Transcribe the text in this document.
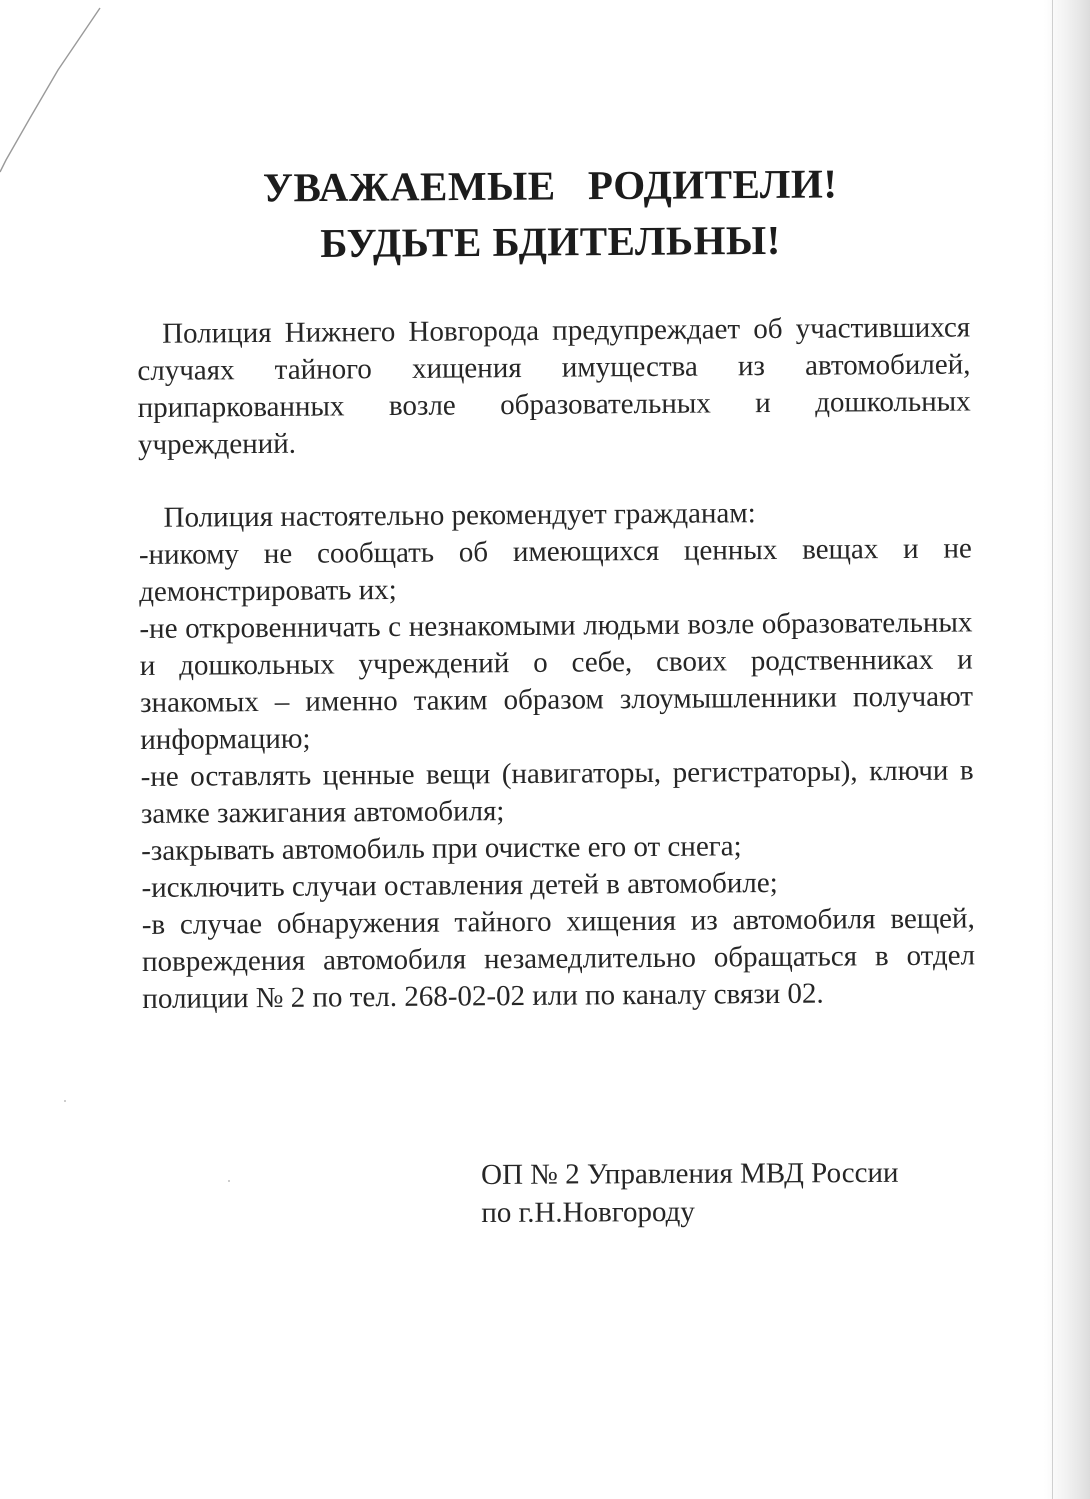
УВАЖАЕМЫЕ   РОДИТЕЛИ!
БУДЬТЕ БДИТЕЛЬНЫ!

Полиция Нижнего Новгорода предупреждает об участившихся случаях тайного хищения имущества из автомобилей, припаркованных возле образовательных и дошкольных учреждений.

Полиция настоятельно рекомендует гражданам:

-никому не сообщать об имеющихся ценных вещах и не демонстрировать их;

-не откровенничать с незнакомыми людьми возле образовательных и дошкольных учреждений о себе, своих родственниках и знакомых – именно таким образом злоумышленники получают информацию;

-не оставлять ценные вещи (навигаторы, регистраторы), ключи в замке зажигания автомобиля;

-закрывать автомобиль при очистке его от снега;

-исключить случаи оставления детей в автомобиле;

-в случае обнаружения тайного хищения из автомобиля вещей, повреждения автомобиля незамедлительно обращаться в отдел полиции № 2 по тел. 268-02-02 или по каналу связи 02.

ОП № 2 Управления МВД России
по г.Н.Новгороду
